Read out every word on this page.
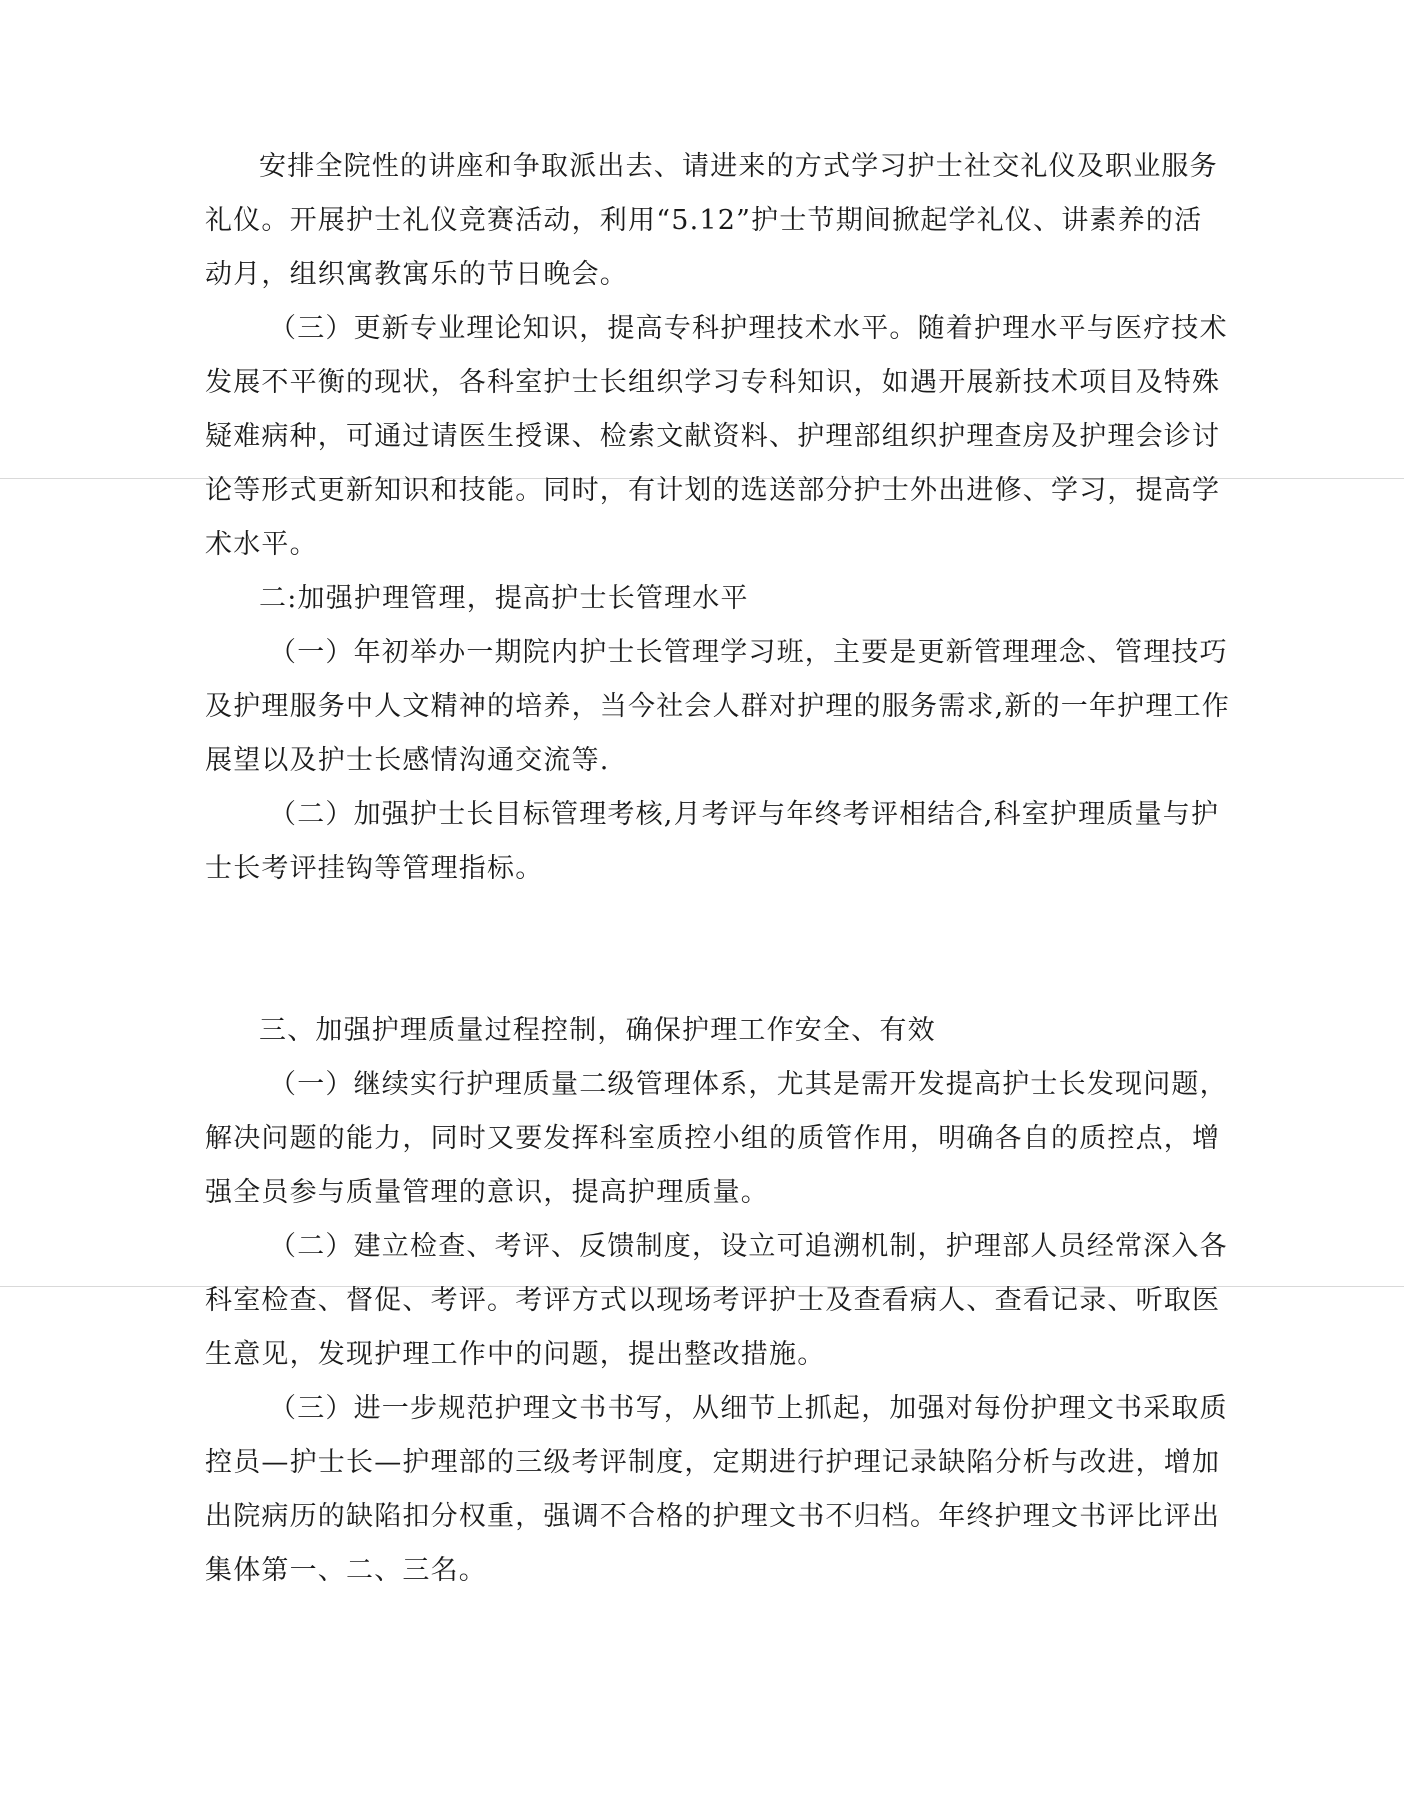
安排全院性的讲座和争取派出去、请进来的方式学习护士社交礼仪及职业服务
礼仪。开展护士礼仪竞赛活动，利用“5.12”护士节期间掀起学礼仪、讲素养的活
动月，组织寓教寓乐的节日晚会。
（三）更新专业理论知识，提高专科护理技术水平。随着护理水平与医疗技术
发展不平衡的现状，各科室护士长组织学习专科知识，如遇开展新技术项目及特殊
疑难病种，可通过请医生授课、检索文献资料、护理部组织护理查房及护理会诊讨
论等形式更新知识和技能。同时，有计划的选送部分护士外出进修、学习，提高学
术水平。
二:加强护理管理，提高护士长管理水平
（一）年初举办一期院内护士长管理学习班，主要是更新管理理念、管理技巧
及护理服务中人文精神的培养，当今社会人群对护理的服务需求,新的一年护理工作
展望以及护士长感情沟通交流等.
（二）加强护士长目标管理考核,月考评与年终考评相结合,科室护理质量与护
士长考评挂钩等管理指标。
三、加强护理质量过程控制，确保护理工作安全、有效
（一）继续实行护理质量二级管理体系，尤其是需开发提高护士长发现问题，
解决问题的能力，同时又要发挥科室质控小组的质管作用，明确各自的质控点，增
强全员参与质量管理的意识，提高护理质量。
（二）建立检查、考评、反馈制度，设立可追溯机制，护理部人员经常深入各
科室检查、督促、考评。考评方式以现场考评护士及查看病人、查看记录、听取医
生意见，发现护理工作中的问题，提出整改措施。
（三）进一步规范护理文书书写，从细节上抓起，加强对每份护理文书采取质
控员—护士长—护理部的三级考评制度，定期进行护理记录缺陷分析与改进，增加
出院病历的缺陷扣分权重，强调不合格的护理文书不归档。年终护理文书评比评出
集体第一、二、三名。
